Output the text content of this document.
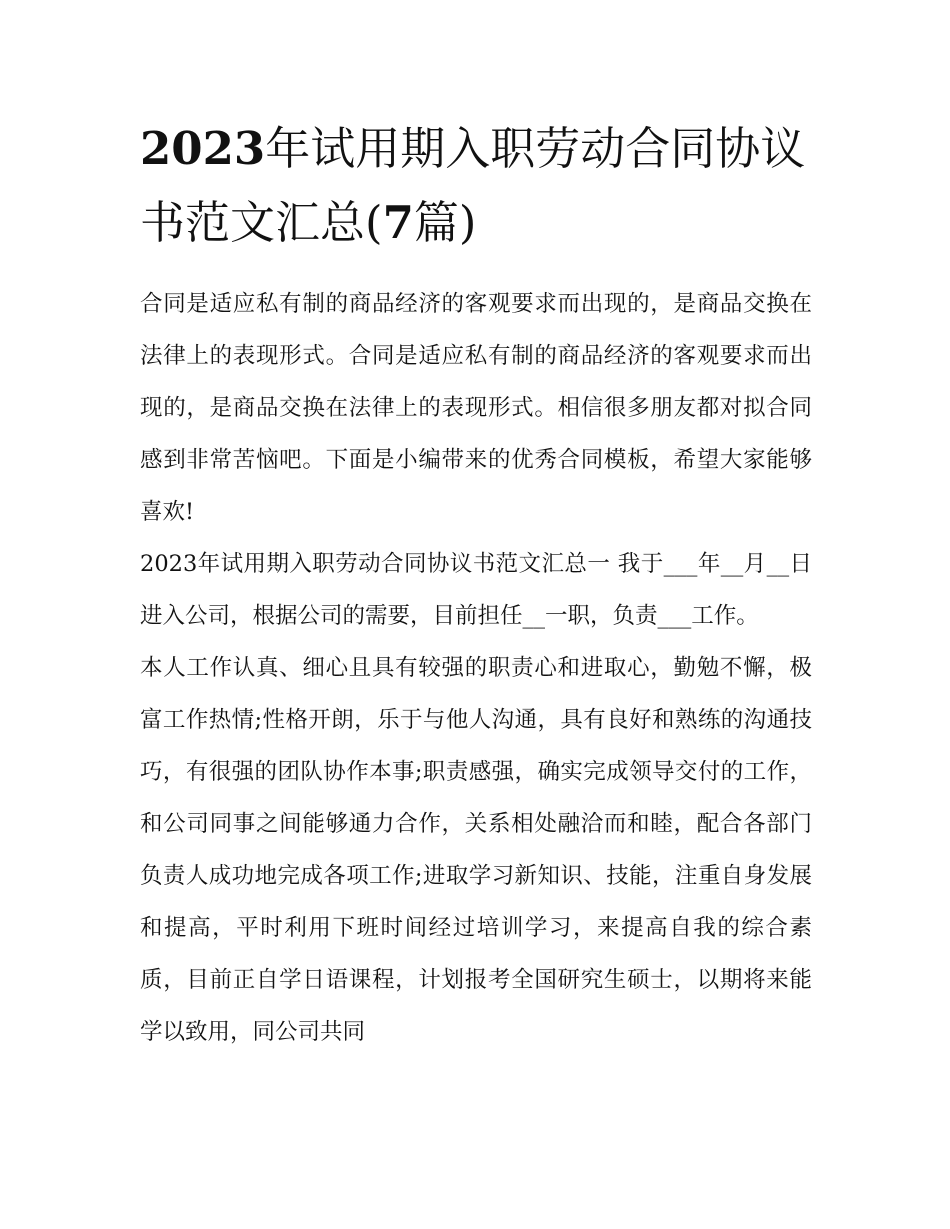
2023年试用期入职劳动合同协议书范文汇总(7篇)

合同是适应私有制的商品经济的客观要求而出现的，是商品交换在法律上的表现形式。合同是适应私有制的商品经济的客观要求而出现的，是商品交换在法律上的表现形式。相信很多朋友都对拟合同感到非常苦恼吧。下面是小编带来的优秀合同模板，希望大家能够喜欢!

2023年试用期入职劳动合同协议书范文汇总一 我于___年__月__日进入公司，根据公司的需要，目前担任__一职，负责___工作。

本人工作认真、细心且具有较强的职责心和进取心，勤勉不懈，极富工作热情;性格开朗，乐于与他人沟通，具有良好和熟练的沟通技巧，有很强的团队协作本事;职责感强，确实完成领导交付的工作，和公司同事之间能够通力合作，关系相处融洽而和睦，配合各部门负责人成功地完成各项工作;进取学习新知识、技能，注重自身发展和提高，平时利用下班时间经过培训学习，来提高自我的综合素质，目前正自学日语课程，计划报考全国研究生硕士，以期将来能学以致用，同公司共同
